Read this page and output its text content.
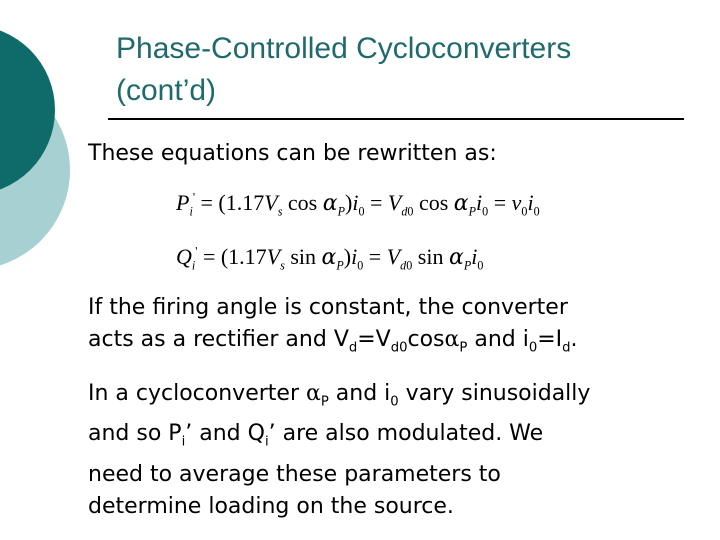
Phase-Controlled Cycloconverters
(cont’d)

These equations can be rewritten as:

$P_i' = (1.17V_s$ $\cos \alpha_P)i_0 = V_{d0}$ $\cos \alpha_Pi_0 = v_0i_0$
$Q_i' = (1.17V_s$ $\sin \alpha_P)i_0 = V_{d0}$ $\sin \alpha_Pi_0$
If the firing angle is constant, the converter
acts as a rectifier and $V_d=V_{d0}\cos\alpha_P$ and $i_0=I_d$.
In a cycloconverter $\alpha_P$ and $i_0$ vary sinusoidally
and so $P_i$’ and $Q_i$’ are also modulated. We
need to average these parameters to
determine loading on the source.
